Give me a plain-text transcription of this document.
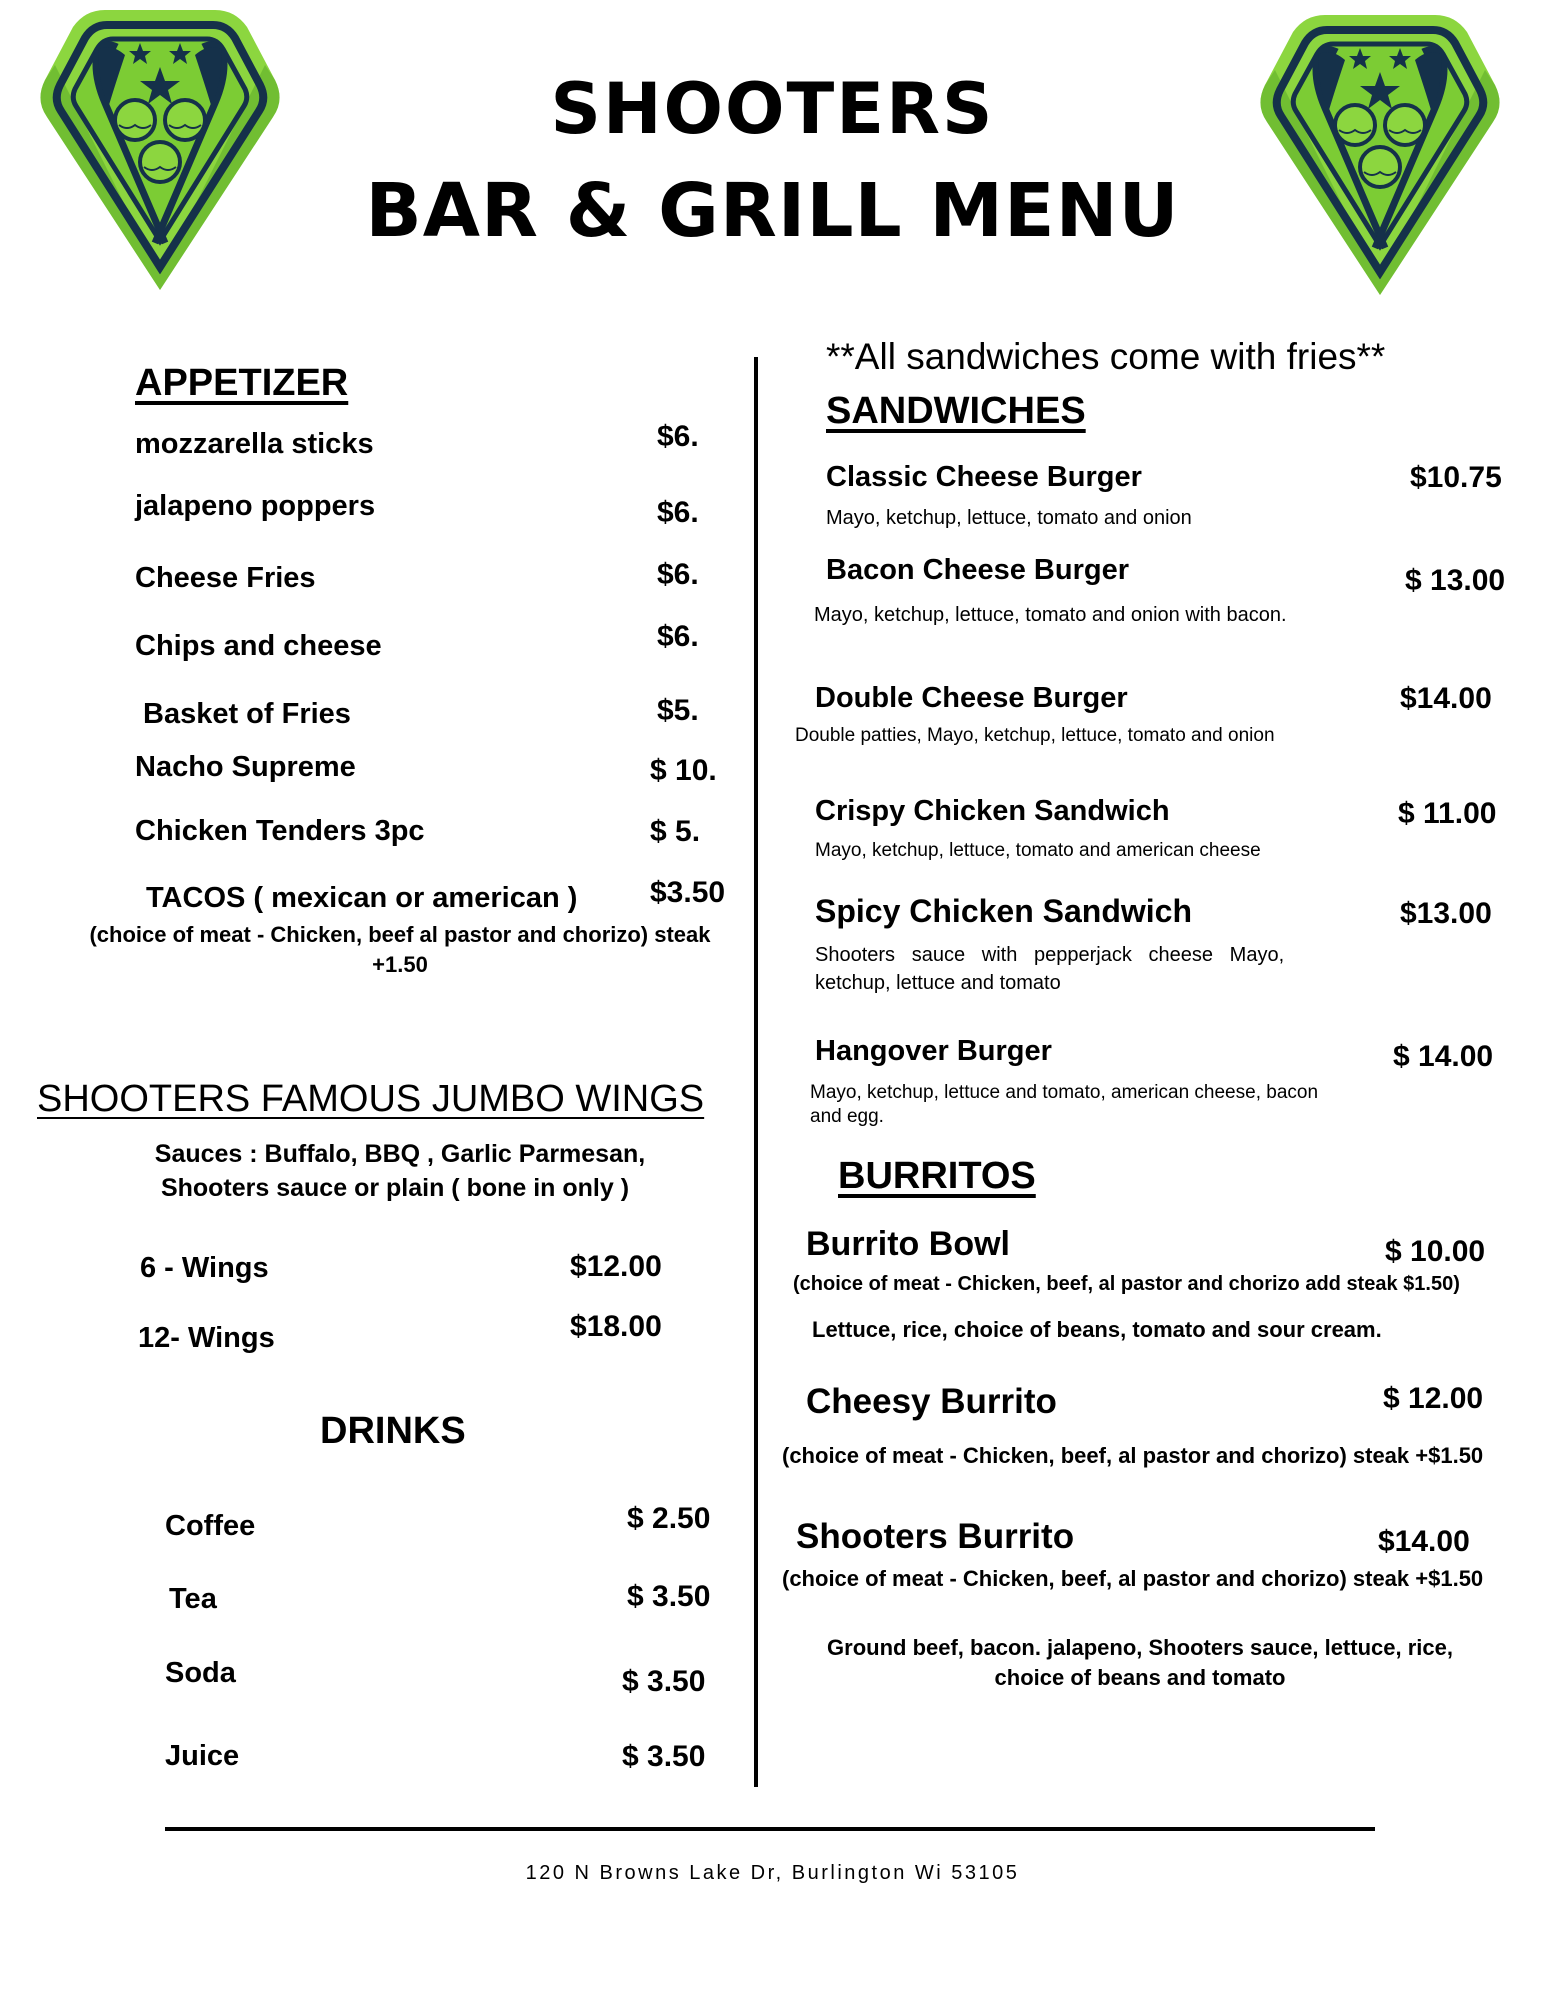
SHOOTERS
BAR & GRILL MENU
APPETIZER
mozzarella sticks	$6.
jalapeno poppers	$6.
Cheese Fries	$6.
Chips and cheese	$6.
Basket of Fries	$5.
Nacho Supreme	$ 10.
Chicken Tenders 3pc	$ 5.
TACOS ( mexican or american ) $3.50
(choice of meat - Chicken, beef al pastor and chorizo) steak
+1.50
SHOOTERS FAMOUS JUMBO WINGS
Sauces : Buffalo, BBQ , Garlic Parmesan,
Shooters sauce or plain ( bone in only )
6 - Wings	$12.00
12- Wings	$18.00
DRINKS
Coffee	$ 2.50
Tea	$ 3.50
Soda	$ 3.50
Juice	$ 3.50
**All sandwiches come with fries**
SANDWICHES
Classic Cheese Burger	$10.75
Mayo, ketchup, lettuce, tomato and onion
Bacon Cheese Burger	$ 13.00
Mayo, ketchup, lettuce, tomato and onion with bacon.
Double Cheese Burger	$14.00
Double patties, Mayo, ketchup, lettuce, tomato and onion
Crispy Chicken Sandwich	$ 11.00
Mayo, ketchup, lettuce, tomato and american cheese
Spicy Chicken Sandwich	$13.00
Shooters   sauce   with   pepperjack   cheese   Mayo,
ketchup, lettuce and tomato
Hangover Burger	$ 14.00
Mayo, ketchup, lettuce and tomato, american cheese, bacon
and egg.
BURRITOS
Burrito Bowl	$ 10.00
(choice of meat - Chicken, beef, al pastor and chorizo add steak $1.50)
Lettuce, rice, choice of beans, tomato and sour cream.
Cheesy Burrito	$ 12.00
(choice of meat - Chicken, beef, al pastor and chorizo) steak +$1.50
Shooters Burrito	$14.00
(choice of meat - Chicken, beef, al pastor and chorizo) steak +$1.50
Ground beef, bacon. jalapeno, Shooters sauce, lettuce, rice,
choice of beans and tomato
120 N Browns Lake Dr, Burlington Wi 53105
